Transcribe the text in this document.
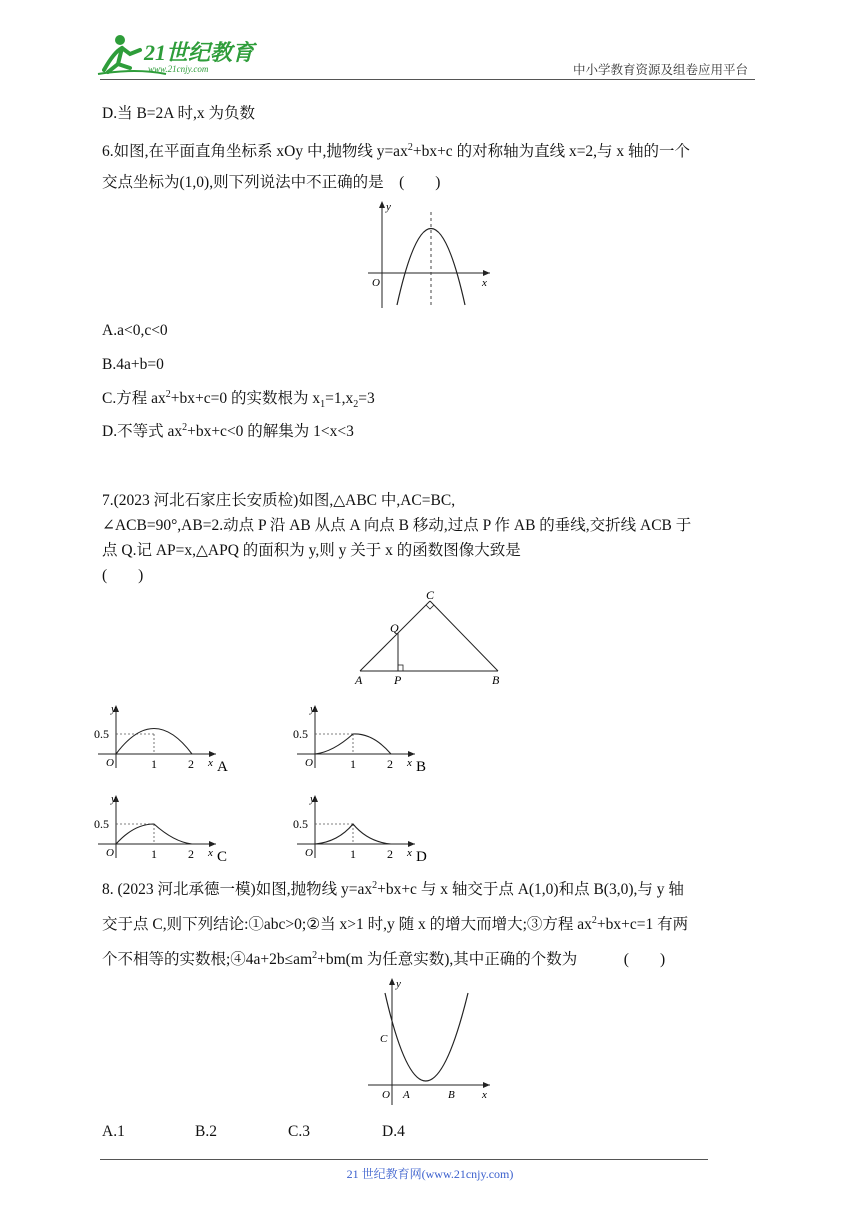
21世纪教育
www.21cnjy.com	中小学教育资源及组卷应用平台
D.当 B=2A 时,x 为负数
6.如图,在平面直角坐标系 xOy 中,抛物线 $y=ax^2+bx+c$ 的对称轴为直线 x=2,与 x 轴的一个
交点坐标为(1,0),则下列说法中不正确的是　(　　)
y
x
O
A.a<0,c<0
B.4a+b=0
C.方程 $ax^2+bx+c=0$ 的实数根为 $x_1=1,x_2=3$
D.不等式 $ax^2+bx+c<0$ 的解集为 1<x<3
7.(2023 河北石家庄长安质检)如图,△ABC 中,AC=BC,
∠ACB=90°,AB=2.动点 P 沿 AB 从点 A 向点 B 移动,过点 P 作 AB 的垂线,交折线 ACB 于
点 Q.记 AP=x,△APQ 的面积为 y,则 y 关于 x 的函数图像大致是
(　　)
C
Q
A	P	B
y
x
O
0.5
1	2 A
y
x
O
0.5
1	2 B
y
x
O
0.5
1	2 C
y
x
O
0.5
1	2 D
8. (2023 河北承德一模)如图,抛物线 $y=ax^2+bx+c$ 与 x 轴交于点 A(1,0)和点 B(3,0),与 y 轴
交于点 C,则下列结论:①abc>0;②当 x>1 时,y 随 x 的增大而增大;③方程 $ax^2+bx+c=1$ 有两
个不相等的实数根$;④4a+2b\le am^2+bm(m$ 为任意实数),其中正确的个数为　　　(　　)
y
x
O A	B
C
A.1	B.2	C.3	D.4
21 世纪教育网(www.21cnjy.com)
